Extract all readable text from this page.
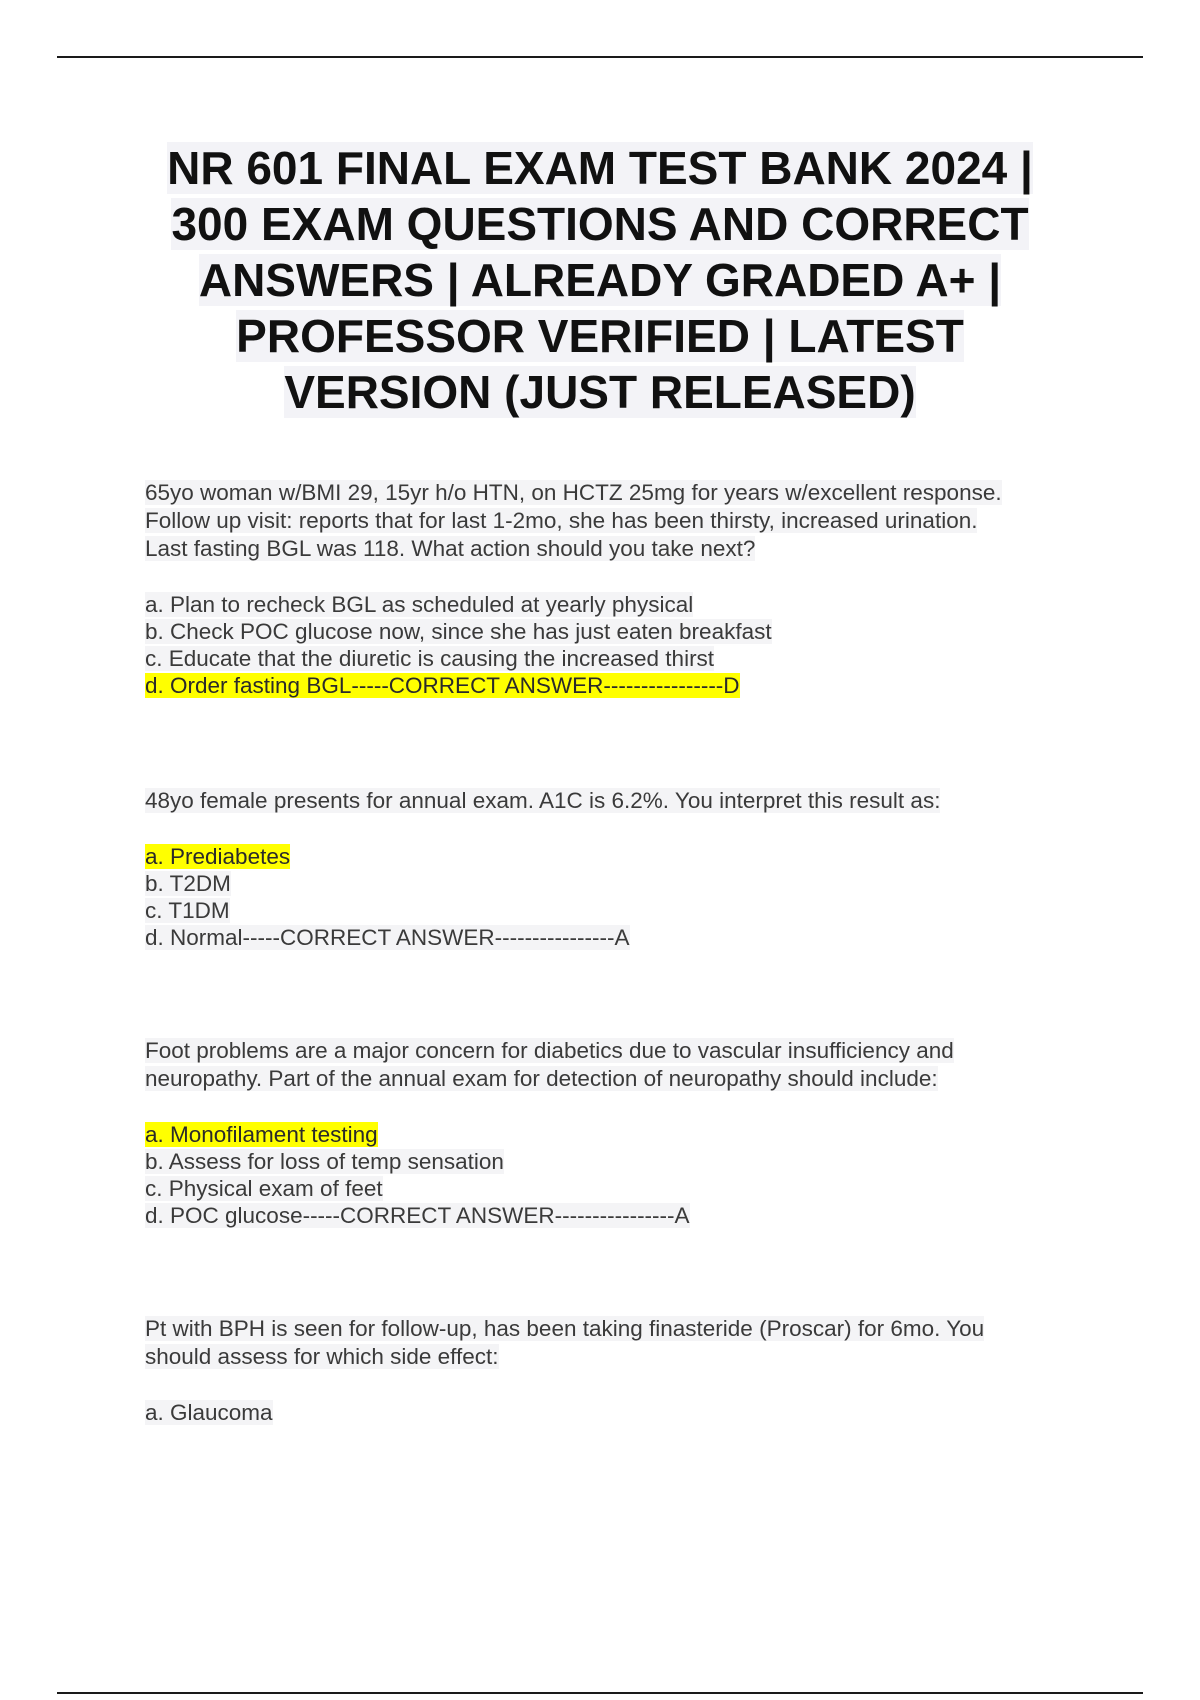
NR 601 FINAL EXAM TEST BANK 2024 |
300 EXAM QUESTIONS AND CORRECT
ANSWERS | ALREADY GRADED A+ |
PROFESSOR VERIFIED | LATEST
VERSION (JUST RELEASED)
65yo woman w/BMI 29, 15yr h/o HTN, on HCTZ 25mg for years w/excellent response.
Follow up visit: reports that for last 1-2mo, she has been thirsty, increased urination.
Last fasting BGL was 118. What action should you take next?
a. Plan to recheck BGL as scheduled at yearly physical
b. Check POC glucose now, since she has just eaten breakfast
c. Educate that the diuretic is causing the increased thirst
d. Order fasting BGL-----CORRECT ANSWER----------------D
48yo female presents for annual exam. A1C is 6.2%. You interpret this result as:
a. Prediabetes
b. T2DM
c. T1DM
d. Normal-----CORRECT ANSWER----------------A
Foot problems are a major concern for diabetics due to vascular insufficiency and
neuropathy. Part of the annual exam for detection of neuropathy should include:
a. Monofilament testing
b. Assess for loss of temp sensation
c. Physical exam of feet
d. POC glucose-----CORRECT ANSWER----------------A
Pt with BPH is seen for follow-up, has been taking finasteride (Proscar) for 6mo. You
should assess for which side effect:
a. Glaucoma
